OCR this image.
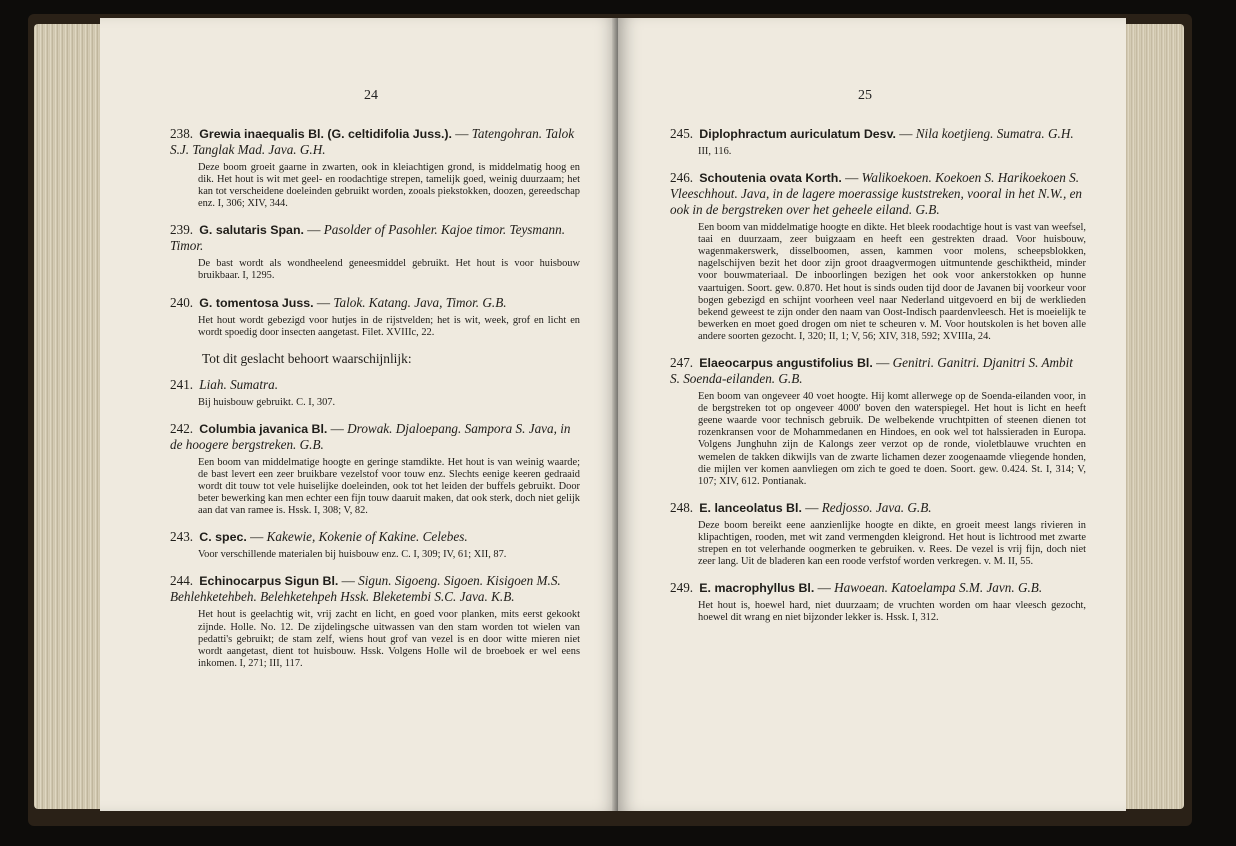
24
238. Grewia inaequalis Bl. (G. celtidifolia Juss.). — Tatengohran. Talok S.J. Tanglak Mad. Java. G.H.
Deze boom groeit gaarne in zwarten, ook in kleiachtigen grond, is middelmatig hoog en dik. Het hout is wit met geel- en roodachtige strepen, tamelijk goed, weinig duurzaam; het kan tot verscheidene doeleinden gebruikt worden, zooals piekstokken, doozen, gereedschap enz. I, 306; XIV, 344.
239. G. salutaris Span. — Pasolder of Pasohler. Kajoe timor. Teysmann. Timor.
De bast wordt als wondheelend geneesmiddel gebruikt. Het hout is voor huisbouw bruikbaar. I, 1295.
240. G. tomentosa Juss. — Talok. Katang. Java, Timor. G.B.
Het hout wordt gebezigd voor hutjes in de rijstvelden; het is wit, week, grof en licht en wordt spoedig door insecten aangetast. Filet. XVIIIc, 22.
Tot dit geslacht behoort waarschijnlijk:
241. Liah. Sumatra.
Bij huisbouw gebruikt. C. I, 307.
242. Columbia javanica Bl. — Drowak. Djaloepang. Sampora S. Java, in de hoogere bergstreken. G.B.
Een boom van middelmatige hoogte en geringe stamdikte. Het hout is van weinig waarde; de bast levert een zeer bruikbare vezelstof voor touw enz. Slechts eenige keeren gedraaid wordt dit touw tot vele huiselijke doeleinden, ook tot het leiden der buffels gebruikt. Door beter bewerking kan men echter een fijn touw daaruit maken, dat ook sterk, doch niet gelijk aan dat van ramee is. Hssk. I, 308; V, 82.
243. C. spec. — Kakewie, Kokenie of Kakine. Celebes.
Voor verschillende materialen bij huisbouw enz. C. I, 309; IV, 61; XII, 87.
244. Echinocarpus Sigun Bl. — Sigun. Sigoeng. Sigoen. Kisigoen M.S. Behlehketehbeh. Belehketehpeh Hssk. Bleketembi S.C. Java. K.B.
Het hout is geelachtig wit, vrij zacht en licht, en goed voor planken, mits eerst gekookt zijnde. Holle. No. 12. De zijdelingsche uitwassen van den stam worden tot wielen van pedatti's gebruikt; de stam zelf, wiens hout grof van vezel is en door witte mieren niet wordt aangetast, dient tot huisbouw. Hssk. Volgens Holle wil de broeboek er wel eens inkomen. I, 271; III, 117.
25
245. Diplophractum auriculatum Desv. — Nila koetjieng. Sumatra. G.H.
III, 116.
246. Schoutenia ovata Korth. — Walikoekoen. Koekoen S. Harikoekoen S. Vleeschhout. Java, in de lagere moerassige kuststreken, vooral in het N.W., en ook in de bergstreken over het geheele eiland. G.B.
Een boom van middelmatige hoogte en dikte. Het bleek roodachtige hout is vast van weefsel, taai en duurzaam, zeer buigzaam en heeft een gestrekten draad. Voor huisbouw, wagenmakerswerk, disselboomen, assen, kammen voor molens, scheepsblokken, nagelschijven bezit het door zijn groot draagvermogen uitmuntende geschiktheid, minder voor bouwmateriaal. De inboorlingen bezigen het ook voor ankerstokken op hunne vaartuigen. Soort. gew. 0.870. Het hout is sinds ouden tijd door de Javanen bij voorkeur voor bogen gebezigd en schijnt voorheen veel naar Nederland uitgevoerd en bij de werklieden bekend geweest te zijn onder den naam van Oost-Indisch paardenvleesch. Het is moeielijk te bewerken en moet goed drogen om niet te scheuren v. M. Voor houtskolen is het boven alle andere soorten gezocht. I, 320; II, 1; V, 56; XIV, 318, 592; XVIIIa, 24.
247. Elaeocarpus angustifolius Bl. — Genitri. Ganitri. Djanitri S. Ambit S. Soenda-eilanden. G.B.
Een boom van ongeveer 40 voet hoogte. Hij komt allerwege op de Soenda-eilanden voor, in de bergstreken tot op ongeveer 4000' boven den waterspiegel. Het hout is licht en heeft geene waarde voor technisch gebruik. De welbekende vruchtpitten of steenen dienen tot rozenkransen voor de Mohammedanen en Hindoes, en ook wel tot halssieraden in Europa. Volgens Junghuhn zijn de Kalongs zeer verzot op de ronde, violetblauwe vruchten en wemelen de takken dikwijls van de zwarte lichamen dezer zoogenaamde vliegende honden, die mijlen ver komen aanvliegen om zich te goed te doen. Soort. gew. 0.424. St. I, 314; V, 107; XIV, 612. Pontianak.
248. E. lanceolatus Bl. — Redjosso. Java. G.B.
Deze boom bereikt eene aanzienlijke hoogte en dikte, en groeit meest langs rivieren in klipachtigen, rooden, met wit zand vermengden kleigrond. Het hout is lichtrood met zwarte strepen en tot velerhande oogmerken te gebruiken. v. Rees. De vezel is vrij fijn, doch niet zeer lang. Uit de bladeren kan een roode verfstof worden verkregen. v. M. II, 55.
249. E. macrophyllus Bl. — Hawoean. Katoelampa S.M. Javn. G.B.
Het hout is, hoewel hard, niet duurzaam; de vruchten worden om haar vleesch gezocht, hoewel dit wrang en niet bijzonder lekker is. Hssk. I, 312.
